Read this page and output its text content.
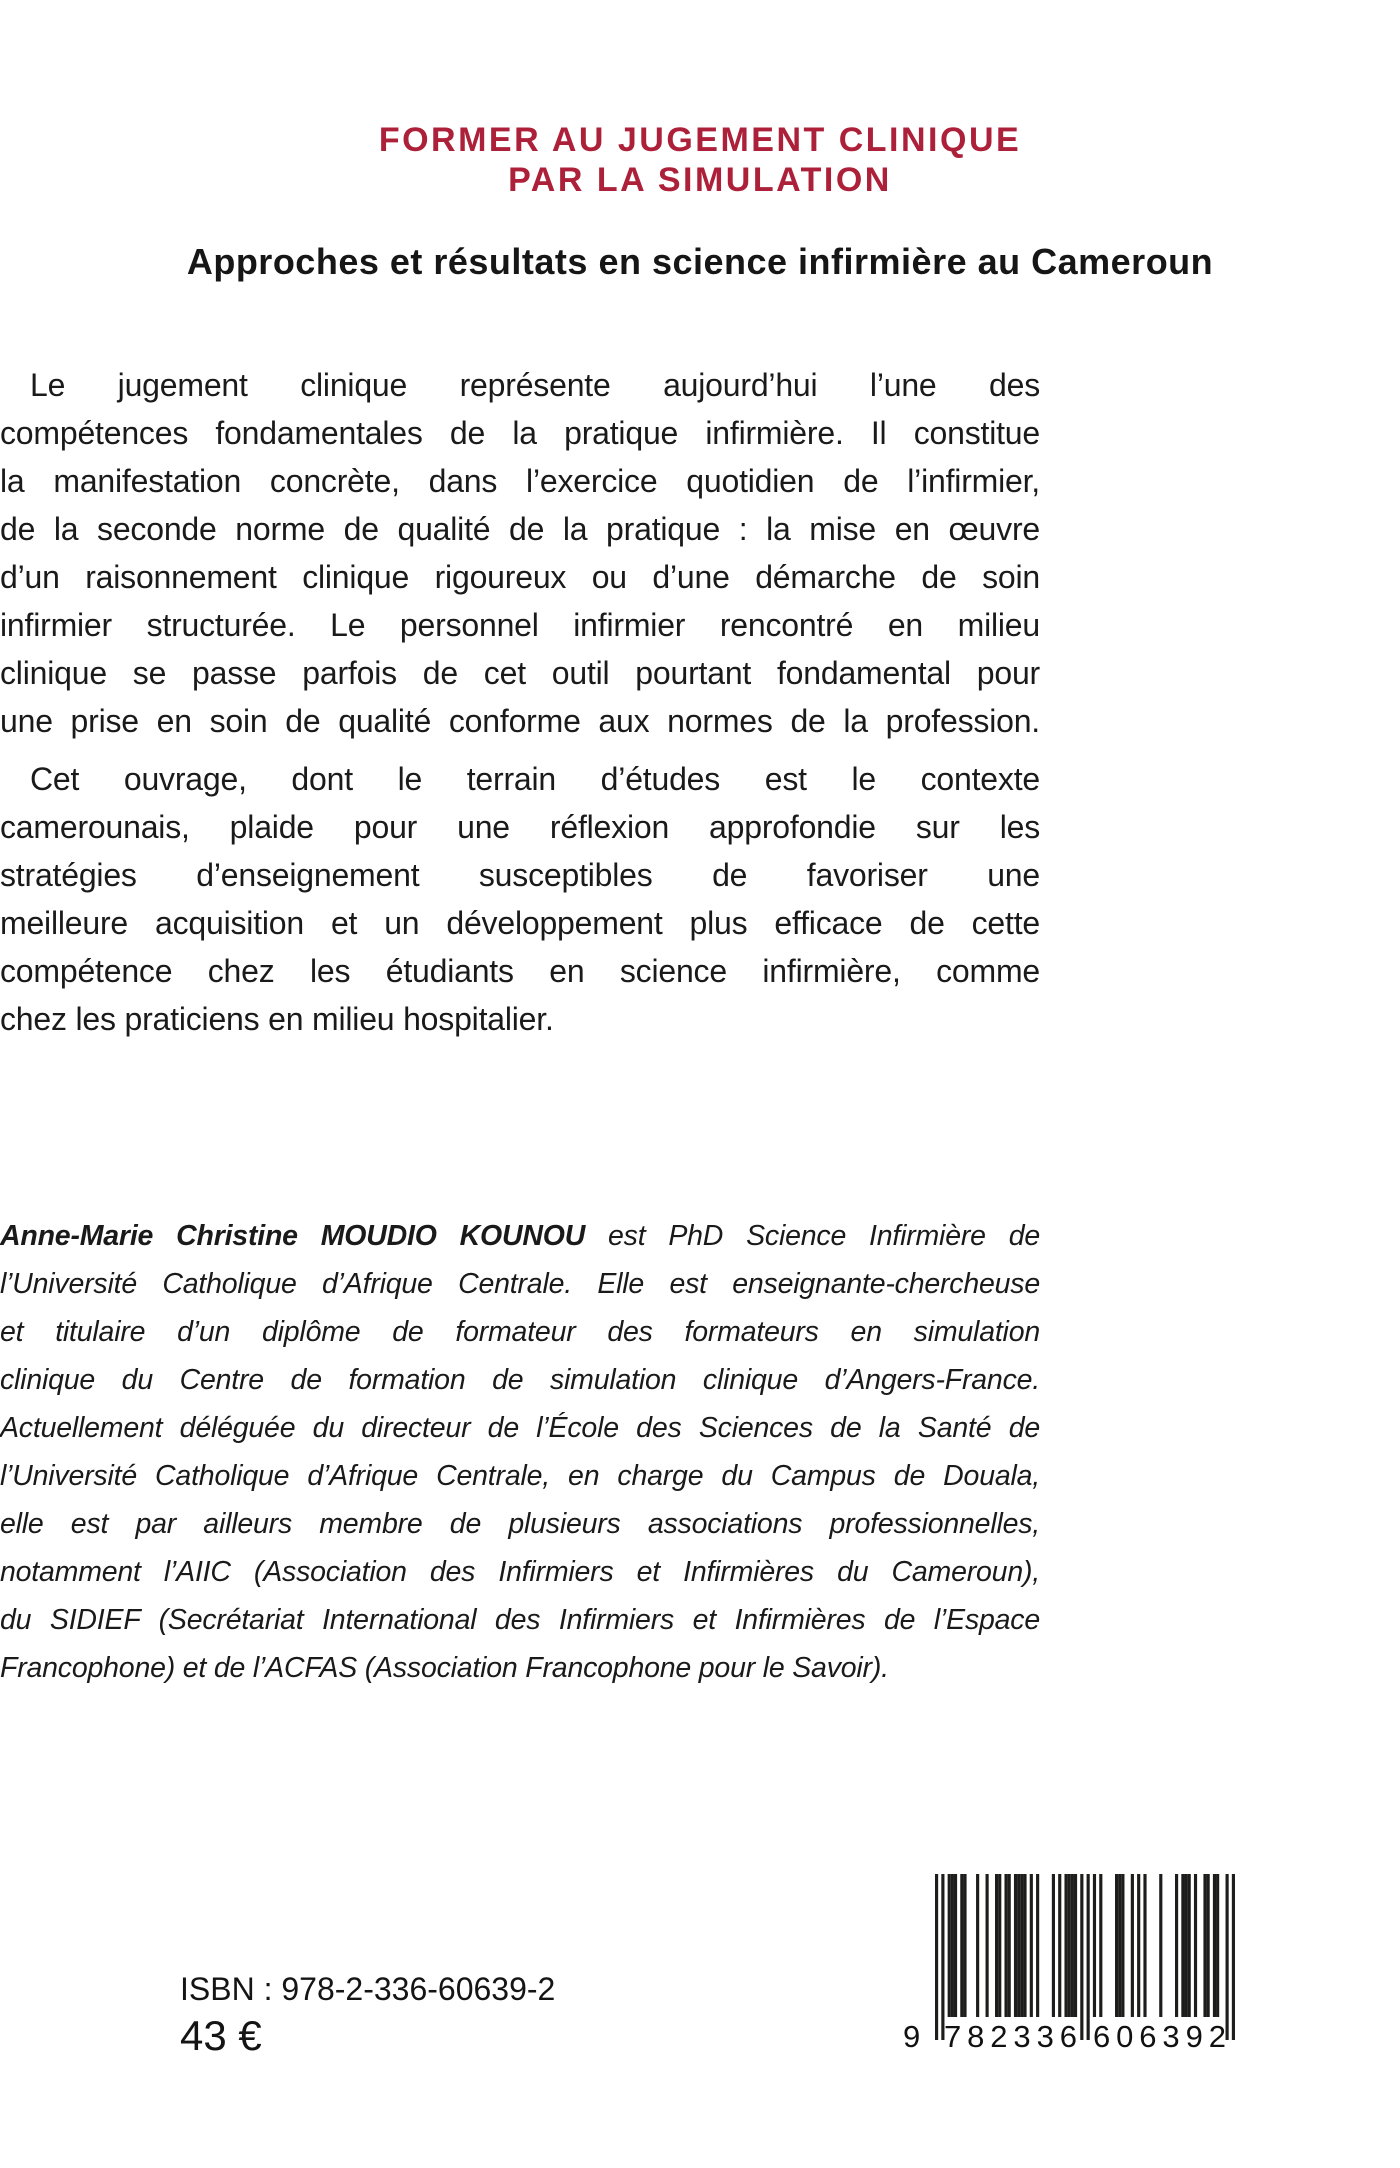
FORMER AU JUGEMENT CLINIQUE
PAR LA SIMULATION
Approches et résultats en science infirmière au Cameroun
Le jugement clinique représente aujourd’hui l’une des
compétences fondamentales de la pratique infirmière. Il constitue
la manifestation concrète, dans l’exercice quotidien de l’infirmier,
de la seconde norme de qualité de la pratique : la mise en œuvre
d’un raisonnement clinique rigoureux ou d’une démarche de soin
infirmier structurée. Le personnel infirmier rencontré en milieu
clinique se passe parfois de cet outil pourtant fondamental pour
une prise en soin de qualité conforme aux normes de la profession.
Cet ouvrage, dont le terrain d’études est le contexte
camerounais, plaide pour une réflexion approfondie sur les
stratégies d’enseignement susceptibles de favoriser une
meilleure acquisition et un développement plus efficace de cette
compétence chez les étudiants en science infirmière, comme
chez les praticiens en milieu hospitalier.
Anne-Marie Christine MOUDIO KOUNOU est PhD Science Infirmière de
l’Université Catholique d’Afrique Centrale. Elle est enseignante-chercheuse
et titulaire d’un diplôme de formateur des formateurs en simulation
clinique du Centre de formation de simulation clinique d’Angers-France.
Actuellement déléguée du directeur de l’École des Sciences de la Santé de
l’Université Catholique d’Afrique Centrale, en charge du Campus de Douala,
elle est par ailleurs membre de plusieurs associations professionnelles,
notamment l’AIIC (Association des Infirmiers et Infirmières du Cameroun),
du SIDIEF (Secrétariat International des Infirmiers et Infirmières de l’Espace
Francophone) et de l’ACFAS (Association Francophone pour le Savoir).
ISBN : 978-2-336-60639-2
43 €	9 7 8 2 3 3 6 6 0 6 3 9 2
